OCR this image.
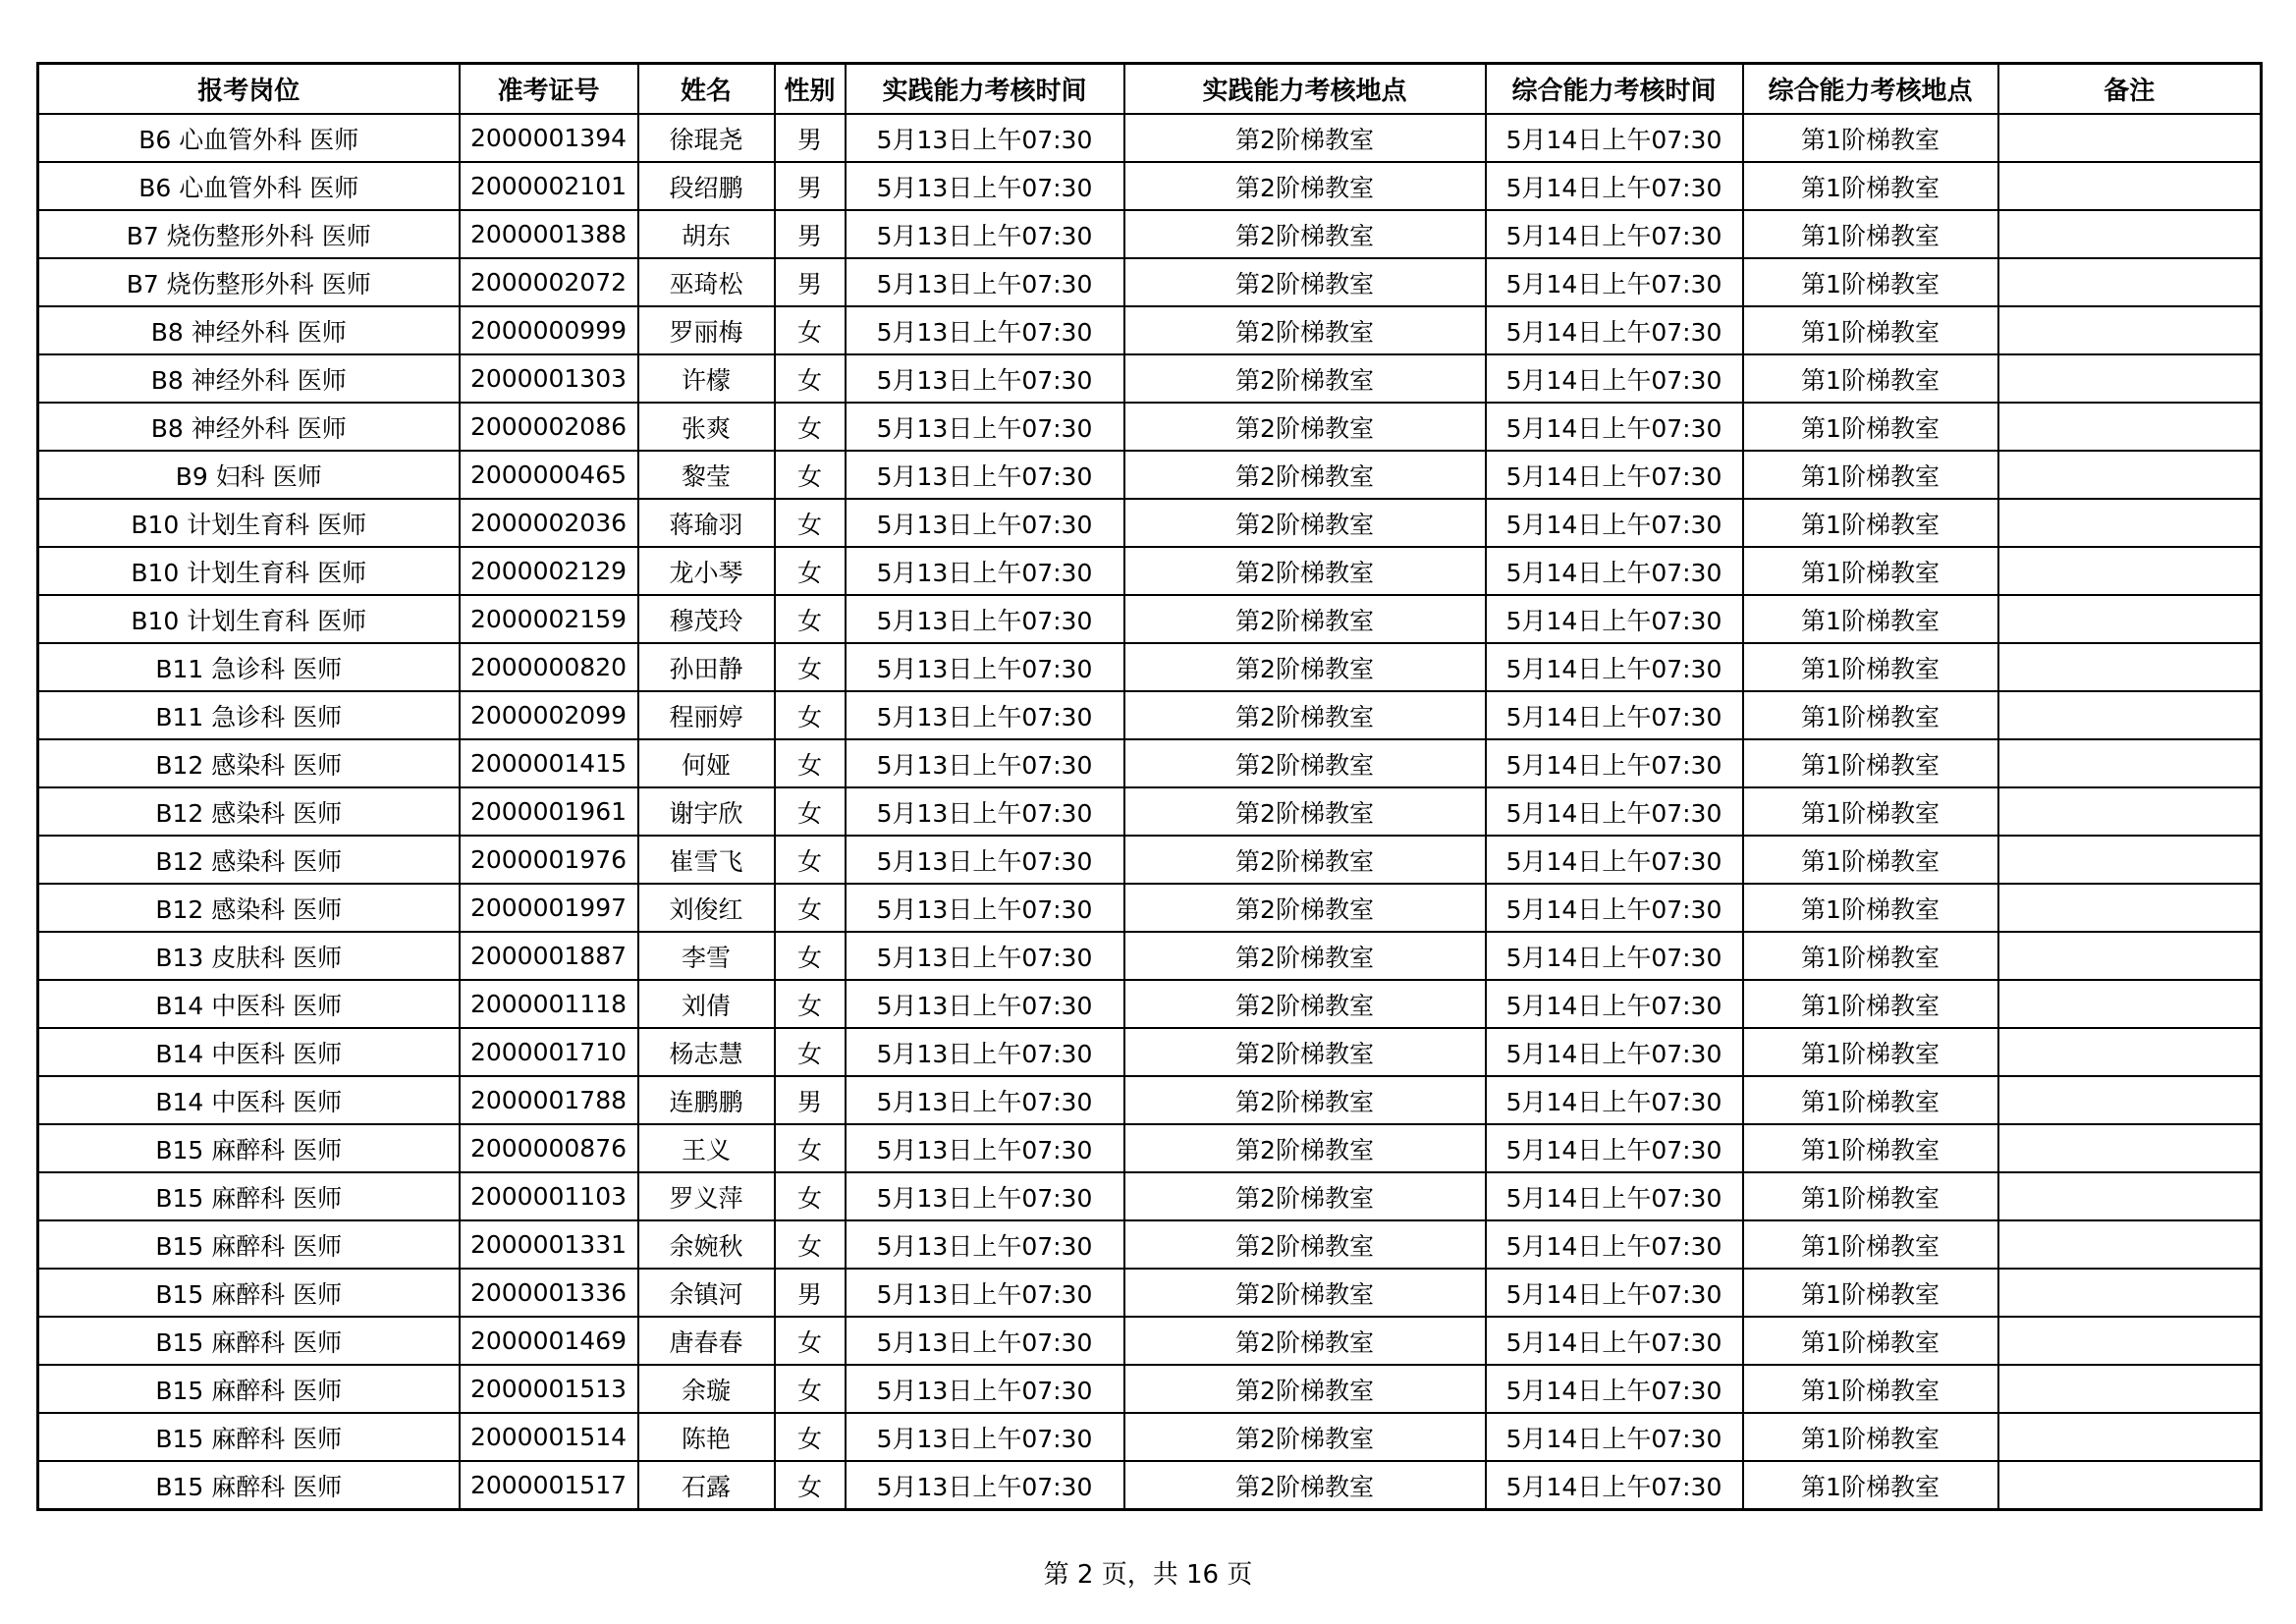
报考岗位	准考证号	姓名	性别	实践能力考核时间	实践能力考核地点	综合能力考核时间	综合能力考核地点	备注
B6 心血管外科 医师	2000001394	徐琨尧	男	5月13日上午07:30	第2阶梯教室	5月14日上午07:30	第1阶梯教室	
B6 心血管外科 医师	2000002101	段绍鹏	男	5月13日上午07:30	第2阶梯教室	5月14日上午07:30	第1阶梯教室	
B7 烧伤整形外科 医师	2000001388	胡东	男	5月13日上午07:30	第2阶梯教室	5月14日上午07:30	第1阶梯教室	
B7 烧伤整形外科 医师	2000002072	巫琦松	男	5月13日上午07:30	第2阶梯教室	5月14日上午07:30	第1阶梯教室	
B8 神经外科 医师	2000000999	罗丽梅	女	5月13日上午07:30	第2阶梯教室	5月14日上午07:30	第1阶梯教室	
B8 神经外科 医师	2000001303	许檬	女	5月13日上午07:30	第2阶梯教室	5月14日上午07:30	第1阶梯教室	
B8 神经外科 医师	2000002086	张爽	女	5月13日上午07:30	第2阶梯教室	5月14日上午07:30	第1阶梯教室	
B9 妇科 医师	2000000465	黎莹	女	5月13日上午07:30	第2阶梯教室	5月14日上午07:30	第1阶梯教室	
B10 计划生育科 医师	2000002036	蒋瑜羽	女	5月13日上午07:30	第2阶梯教室	5月14日上午07:30	第1阶梯教室	
B10 计划生育科 医师	2000002129	龙小琴	女	5月13日上午07:30	第2阶梯教室	5月14日上午07:30	第1阶梯教室	
B10 计划生育科 医师	2000002159	穆茂玲	女	5月13日上午07:30	第2阶梯教室	5月14日上午07:30	第1阶梯教室	
B11 急诊科 医师	2000000820	孙田静	女	5月13日上午07:30	第2阶梯教室	5月14日上午07:30	第1阶梯教室	
B11 急诊科 医师	2000002099	程丽婷	女	5月13日上午07:30	第2阶梯教室	5月14日上午07:30	第1阶梯教室	
B12 感染科 医师	2000001415	何娅	女	5月13日上午07:30	第2阶梯教室	5月14日上午07:30	第1阶梯教室	
B12 感染科 医师	2000001961	谢宇欣	女	5月13日上午07:30	第2阶梯教室	5月14日上午07:30	第1阶梯教室	
B12 感染科 医师	2000001976	崔雪飞	女	5月13日上午07:30	第2阶梯教室	5月14日上午07:30	第1阶梯教室	
B12 感染科 医师	2000001997	刘俊红	女	5月13日上午07:30	第2阶梯教室	5月14日上午07:30	第1阶梯教室	
B13 皮肤科 医师	2000001887	李雪	女	5月13日上午07:30	第2阶梯教室	5月14日上午07:30	第1阶梯教室	
B14 中医科 医师	2000001118	刘倩	女	5月13日上午07:30	第2阶梯教室	5月14日上午07:30	第1阶梯教室	
B14 中医科 医师	2000001710	杨志慧	女	5月13日上午07:30	第2阶梯教室	5月14日上午07:30	第1阶梯教室	
B14 中医科 医师	2000001788	连鹏鹏	男	5月13日上午07:30	第2阶梯教室	5月14日上午07:30	第1阶梯教室	
B15 麻醉科 医师	2000000876	王义	女	5月13日上午07:30	第2阶梯教室	5月14日上午07:30	第1阶梯教室	
B15 麻醉科 医师	2000001103	罗义萍	女	5月13日上午07:30	第2阶梯教室	5月14日上午07:30	第1阶梯教室	
B15 麻醉科 医师	2000001331	余婉秋	女	5月13日上午07:30	第2阶梯教室	5月14日上午07:30	第1阶梯教室	
B15 麻醉科 医师	2000001336	余镇河	男	5月13日上午07:30	第2阶梯教室	5月14日上午07:30	第1阶梯教室	
B15 麻醉科 医师	2000001469	唐春春	女	5月13日上午07:30	第2阶梯教室	5月14日上午07:30	第1阶梯教室	
B15 麻醉科 医师	2000001513	余璇	女	5月13日上午07:30	第2阶梯教室	5月14日上午07:30	第1阶梯教室	
B15 麻醉科 医师	2000001514	陈艳	女	5月13日上午07:30	第2阶梯教室	5月14日上午07:30	第1阶梯教室	
B15 麻醉科 医师	2000001517	石露	女	5月13日上午07:30	第2阶梯教室	5月14日上午07:30	第1阶梯教室	
第 2 页，共 16 页
